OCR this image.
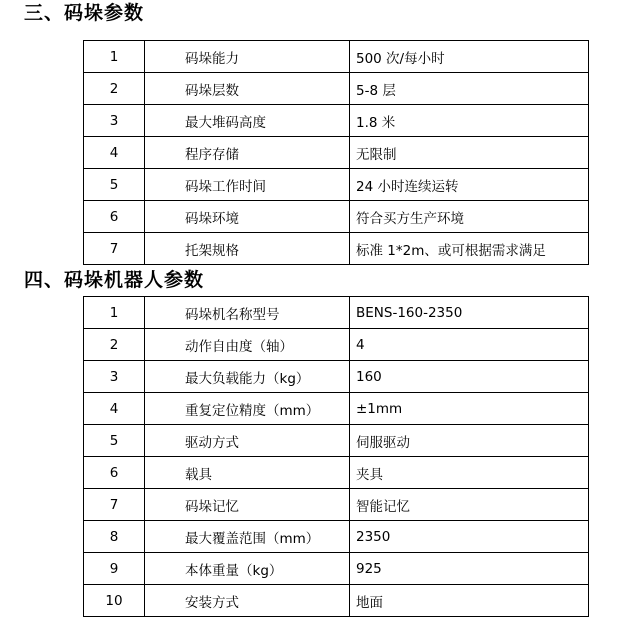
三、码垛参数
1	码垛能力	500 次/每小时
2	码垛层数	5-8 层
3	最大堆码高度	1.8 米
4	程序存储	无限制
5	码垛工作时间	24 小时连续运转
6	码垛环境	符合买方生产环境
7	托架规格	标准 1*2m、或可根据需求满足
四、码垛机器人参数
1	码垛机名称型号	BENS-160-2350
2	动作自由度（轴）	4
3	最大负载能力（kg）	160
4	重复定位精度（mm）	±1mm
5	驱动方式	伺服驱动
6	载具	夹具
7	码垛记忆	智能记忆
8	最大覆盖范围（mm）	2350
9	本体重量（kg）	925
10	安装方式	地面
